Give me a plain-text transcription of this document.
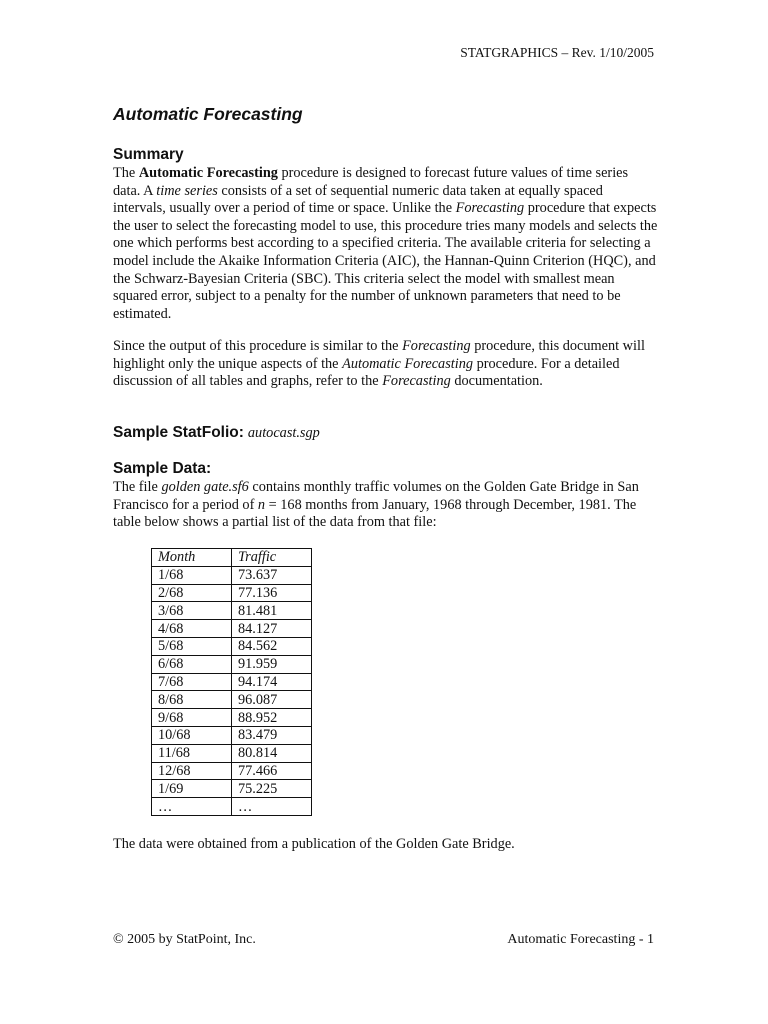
STATGRAPHICS – Rev. 1/10/2005
Automatic Forecasting
Summary

The Automatic Forecasting procedure is designed to forecast future values of time series data. A time series consists of a set of sequential numeric data taken at equally spaced intervals, usually over a period of time or space. Unlike the Forecasting procedure that expects the user to select the forecasting model to use, this procedure tries many models and selects the one which performs best according to a specified criteria. The available criteria for selecting a model include the Akaike Information Criteria (AIC), the Hannan-Quinn Criterion (HQC), and the Schwarz-Bayesian Criteria (SBC). This criteria select the model with smallest mean squared error, subject to a penalty for the number of unknown parameters that need to be estimated.

Since the output of this procedure is similar to the Forecasting procedure, this document will highlight only the unique aspects of the Automatic Forecasting procedure. For a detailed discussion of all tables and graphs, refer to the Forecasting documentation.

Sample StatFolio: autocast.sgp
Sample Data:

The file golden gate.sf6 contains monthly traffic volumes on the Golden Gate Bridge in San Francisco for a period of n = 168 months from January, 1968 through December, 1981. The table below shows a partial list of the data from that file:

Month	Traffic
1/68	73.637
2/68	77.136
3/68	81.481
4/68	84.127
5/68	84.562
6/68	91.959
7/68	94.174
8/68	96.087
9/68	88.952
10/68	83.479
11/68	80.814
12/68	77.466
1/69	75.225
…	…
The data were obtained from a publication of the Golden Gate Bridge.
© 2005 by StatPoint, Inc.	Automatic Forecasting - 1
